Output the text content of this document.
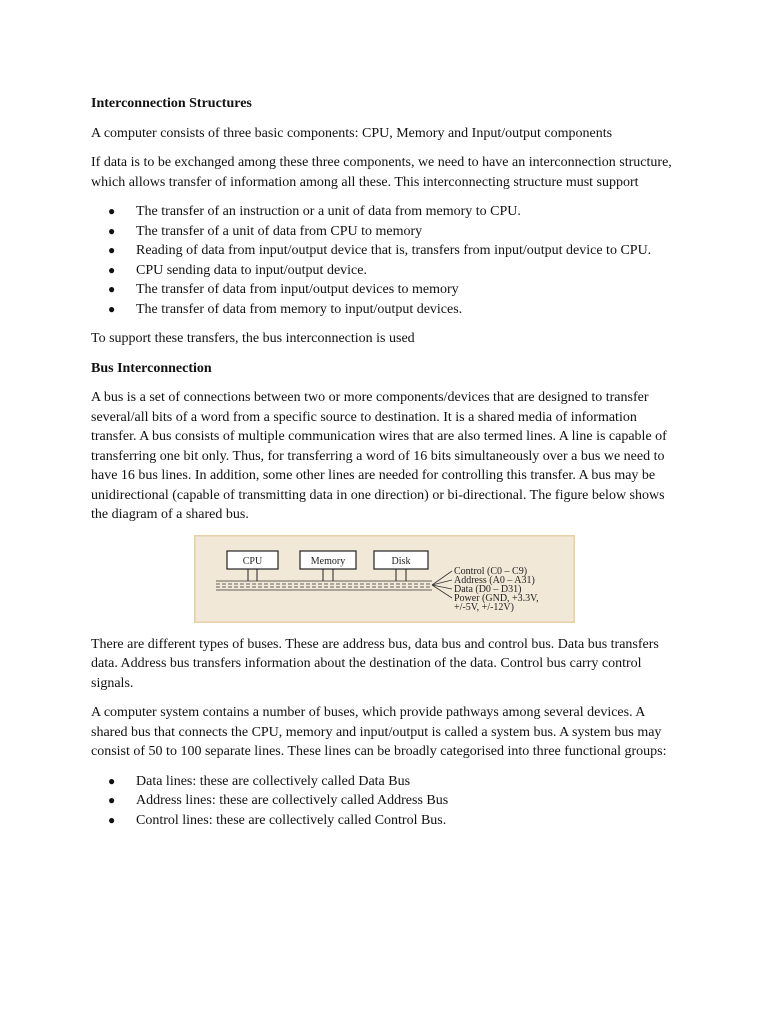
Interconnection Structures

A computer consists of three basic components: CPU, Memory and Input/output components

If data is to be exchanged among these three components, we need to have an interconnection structure, which allows transfer of information among all these. This interconnecting structure must support

● The transfer of an instruction or a unit of data from memory to CPU.
● The transfer of a unit of data from CPU to memory
● Reading of data from input/output device that is, transfers from input/output device to CPU.
● CPU sending data to input/output device.
● The transfer of data from input/output devices to memory
● The transfer of data from memory to input/output devices.

To support these transfers, the bus interconnection is used

Bus Interconnection

A bus is a set of connections between two or more components/devices that are designed to transfer several/all bits of a word from a specific source to destination. It is a shared media of information transfer. A bus consists of multiple communication wires that are also termed lines. A line is capable of transferring one bit only. Thus, for transferring a word of 16 bits simultaneously over a bus we need to have 16 bus lines. In addition, some other lines are needed for controlling this transfer. A bus may be unidirectional (capable of transmitting data in one direction) or bi-directional. The figure below shows the diagram of a shared bus.

CPU	Memory	Disk
Control (C0 – C9)
Address (A0 – A31)
Data (D0 – D31)
Power (GND, +3.3V,
+/-5V, +/-12V)

There are different types of buses. These are address bus, data bus and control bus. Data bus transfers data. Address bus transfers information about the destination of the data. Control bus carry control signals.

A computer system contains a number of buses, which provide pathways among several devices. A shared bus that connects the CPU, memory and input/output is called a system bus. A system bus may consist of 50 to 100 separate lines. These lines can be broadly categorised into three functional groups:

● Data lines: these are collectively called Data Bus
● Address lines: these are collectively called Address Bus
● Control lines: these are collectively called Control Bus.
